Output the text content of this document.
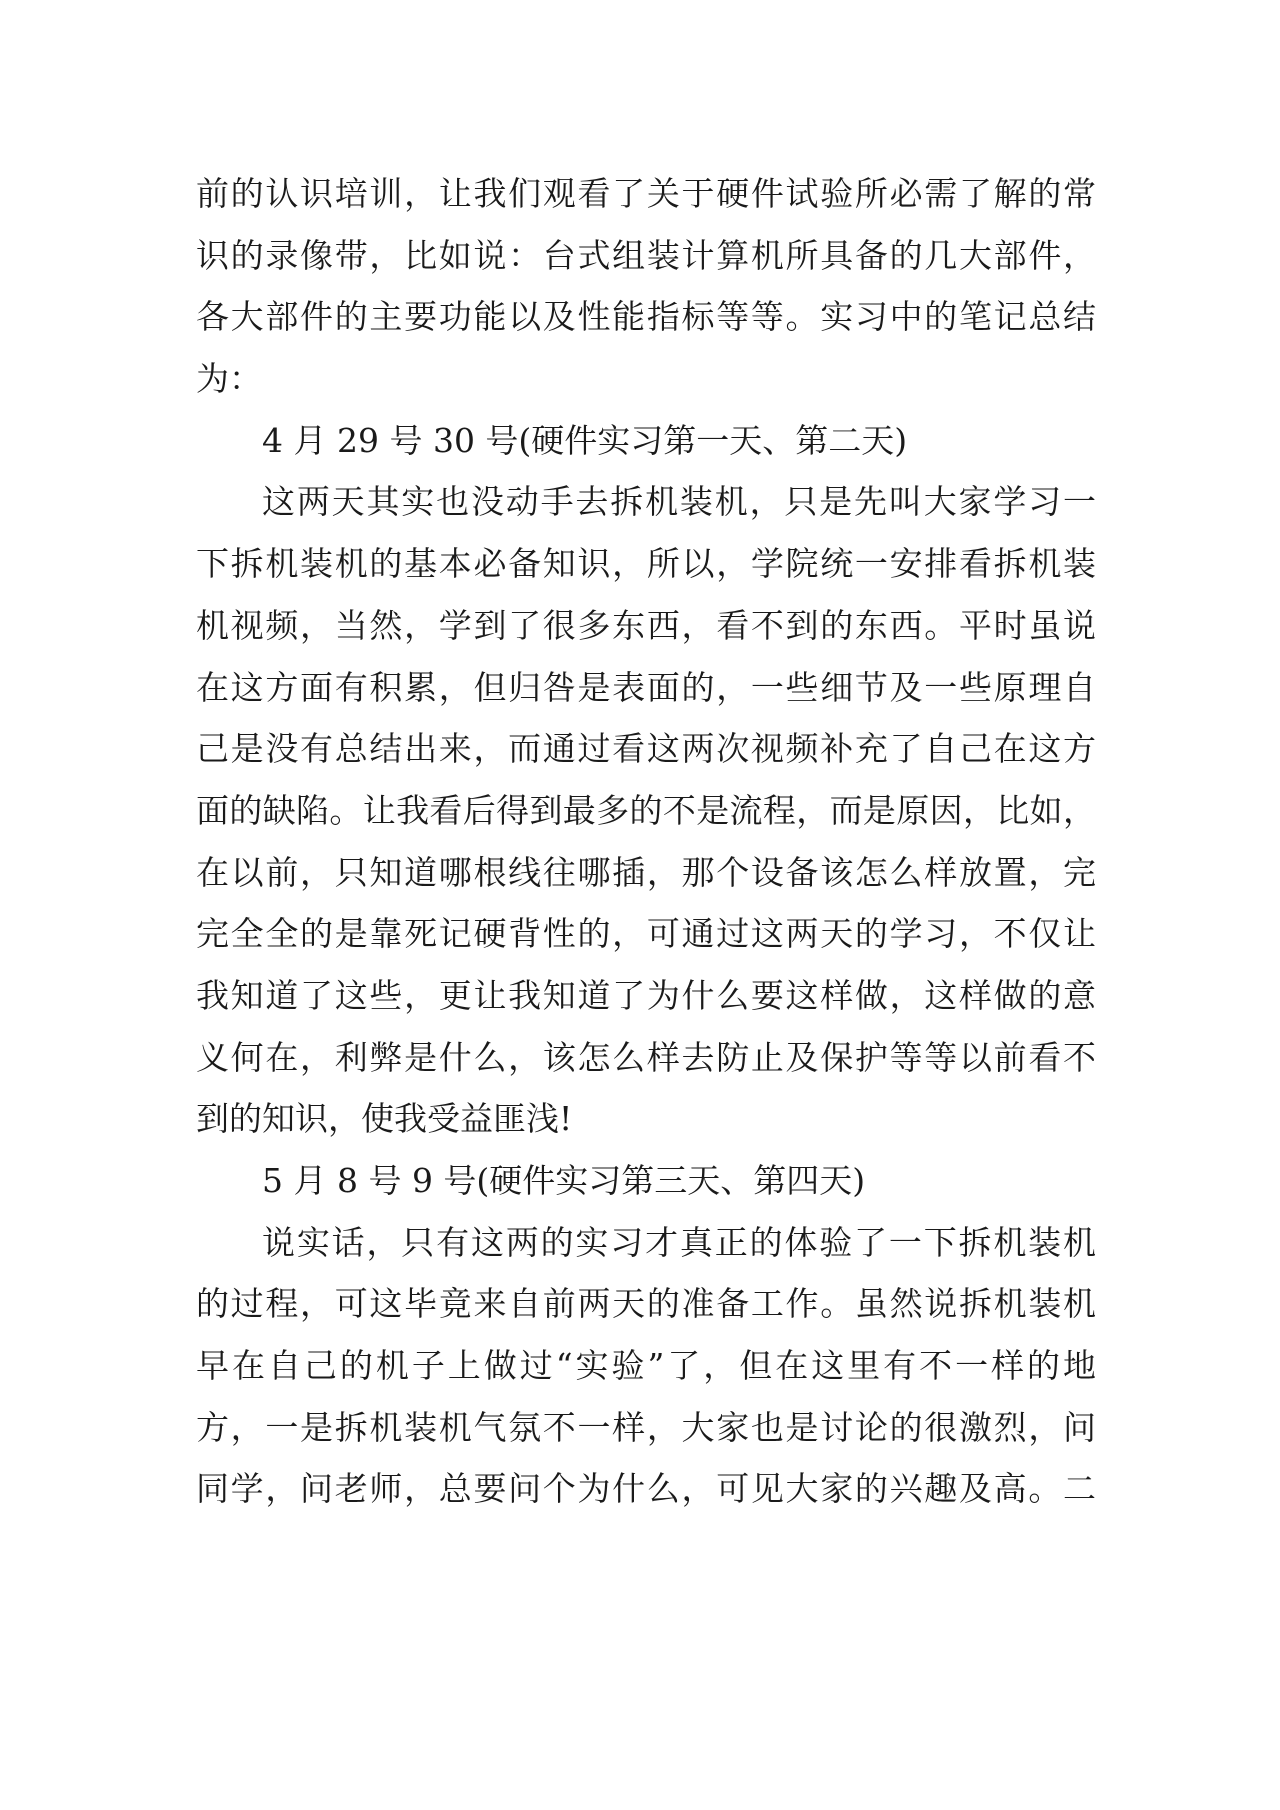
前的认识培训，让我们观看了关于硬件试验所必需了解的常
识的录像带，比如说：台式组装计算机所具备的几大部件，
各大部件的主要功能以及性能指标等等。实习中的笔记总结
为：
4 月 29 号 30 号(硬件实习第一天、第二天)
这两天其实也没动手去拆机装机，只是先叫大家学习一
下拆机装机的基本必备知识，所以，学院统一安排看拆机装
机视频，当然，学到了很多东西，看不到的东西。平时虽说
在这方面有积累，但归咎是表面的，一些细节及一些原理自
己是没有总结出来，而通过看这两次视频补充了自己在这方
面的缺陷。让我看后得到最多的不是流程，而是原因，比如，
在以前，只知道哪根线往哪插，那个设备该怎么样放置，完
完全全的是靠死记硬背性的，可通过这两天的学习，不仅让
我知道了这些，更让我知道了为什么要这样做，这样做的意
义何在，利弊是什么，该怎么样去防止及保护等等以前看不
到的知识，使我受益匪浅!
5 月 8 号 9 号(硬件实习第三天、第四天)
说实话，只有这两的实习才真正的体验了一下拆机装机
的过程，可这毕竟来自前两天的准备工作。虽然说拆机装机
早在自己的机子上做过“实验”了，但在这里有不一样的地
方，一是拆机装机气氛不一样，大家也是讨论的很激烈，问
同学，问老师，总要问个为什么，可见大家的兴趣及高。二
